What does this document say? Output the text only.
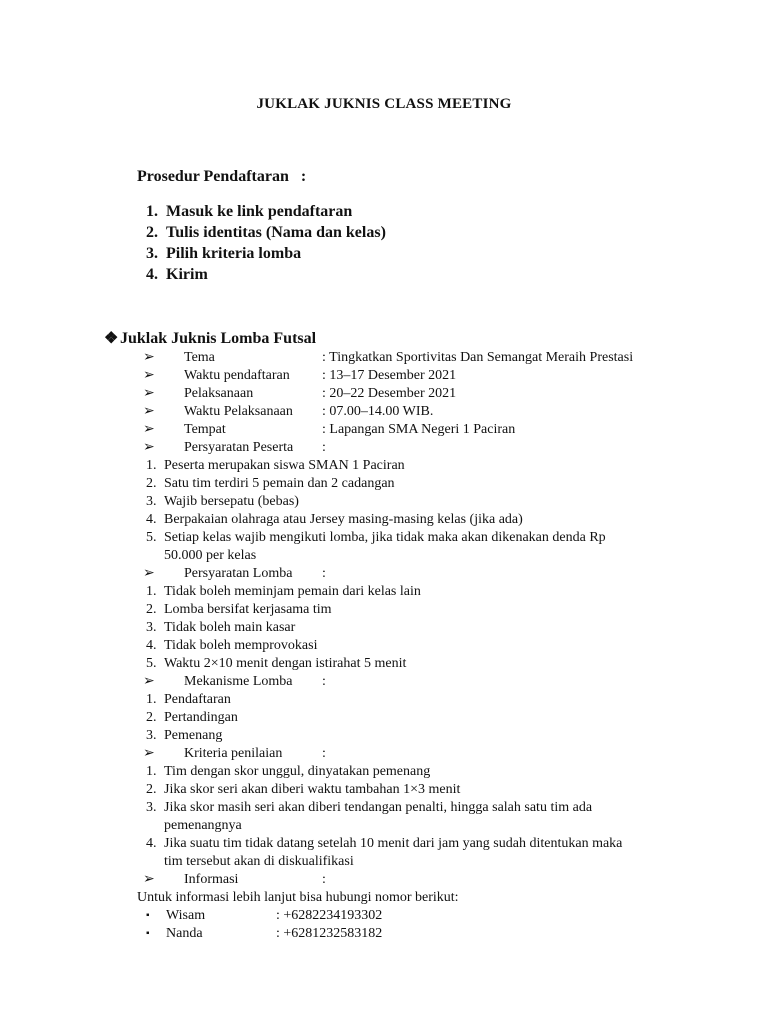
JUKLAK JUKNIS CLASS MEETING
Prosedur Pendaftaran   :
1. Masuk ke link pendaftaran
2. Tulis identitas (Nama dan kelas)
3. Pilih kriteria lomba
4. Kirim
❖ Juklak Juknis Lomba Futsal
➢ Tema	: Tingkatkan Sportivitas Dan Semangat Meraih Prestasi
➢ Waktu pendaftaran : 13–17 Desember 2021
➢ Pelaksanaan	: 20–22 Desember 2021
➢ Waktu Pelaksanaan : 07.00–14.00 WIB.
➢ Tempat	: Lapangan SMA Negeri 1 Paciran
➢ Persyaratan Peserta :
1. Peserta merupakan siswa SMAN 1 Paciran
2. Satu tim terdiri 5 pemain dan 2 cadangan
3. Wajib bersepatu (bebas)
4. Berpakaian olahraga atau Jersey masing-masing kelas (jika ada)
5. Setiap kelas wajib mengikuti lomba, jika tidak maka akan dikenakan denda Rp
50.000 per kelas
➢ Persyaratan Lomba :
1. Tidak boleh meminjam pemain dari kelas lain
2. Lomba bersifat kerjasama tim
3. Tidak boleh main kasar
4. Tidak boleh memprovokasi
5. Waktu 2×10 menit dengan istirahat 5 menit
➢ Mekanisme Lomba :
1. Pendaftaran
2. Pertandingan
3. Pemenang
➢ Kriteria penilaian	:
1. Tim dengan skor unggul, dinyatakan pemenang
2. Jika skor seri akan diberi waktu tambahan 1×3 menit
3. Jika skor masih seri akan diberi tendangan penalti, hingga salah satu tim ada
pemenangnya
4. Jika suatu tim tidak datang setelah 10 menit dari jam yang sudah ditentukan maka
tim tersebut akan di diskualifikasi
➢ Informasi	:
Untuk informasi lebih lanjut bisa hubungi nomor berikut:
▪ Wisam	: +6282234193302
▪ Nanda	: +6281232583182
